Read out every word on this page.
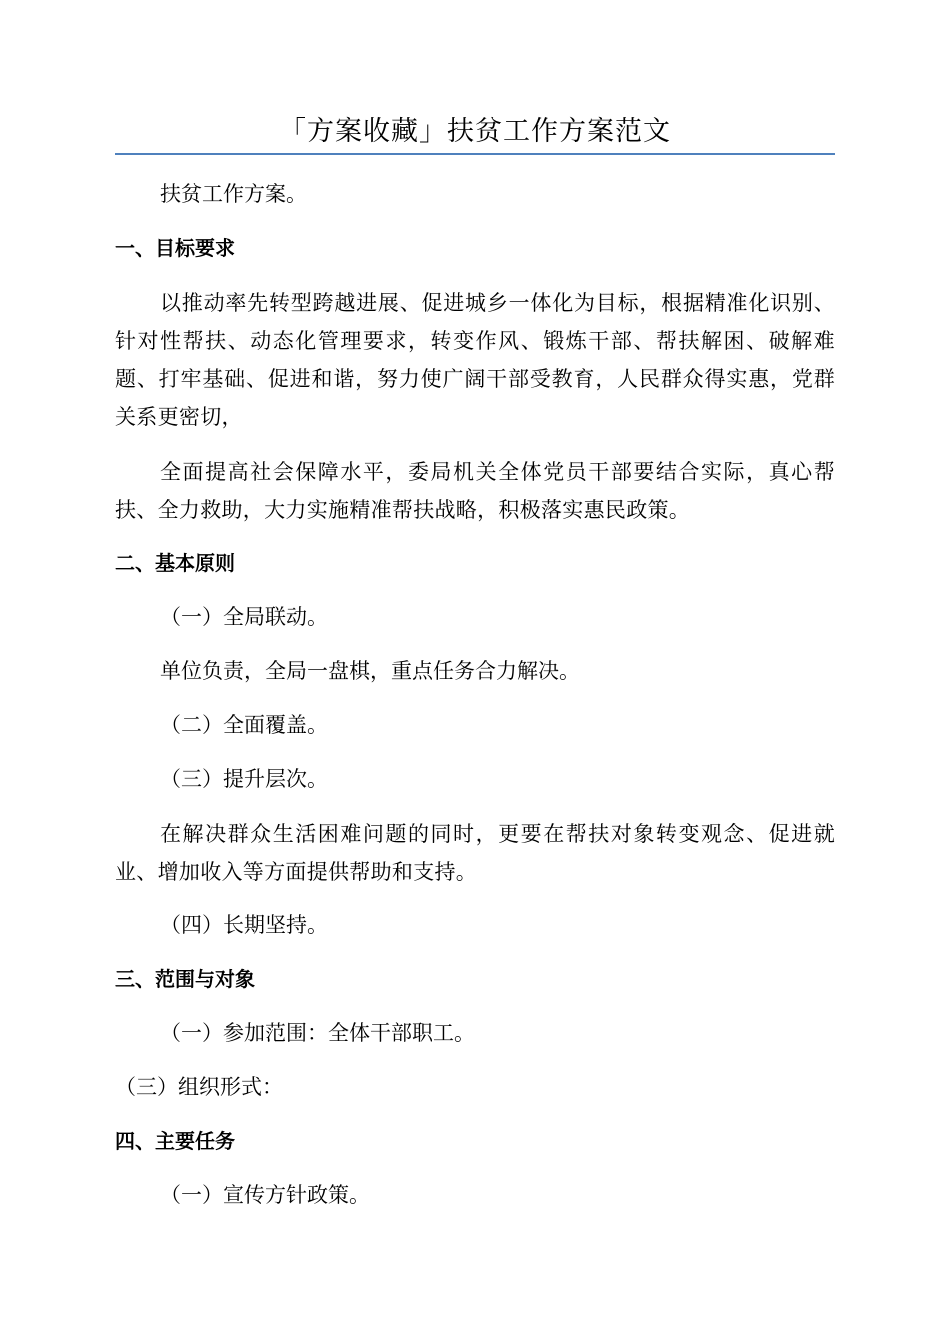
「方案收藏」扶贫工作方案范文
扶贫工作方案。
一、目标要求
以推动率先转型跨越进展、促进城乡一体化为目标，根据精准化识别、针对性帮扶、动态化管理要求，转变作风、锻炼干部、帮扶解困、破解难题、打牢基础、促进和谐，努力使广阔干部受教育，人民群众得实惠，党群关系更密切，
全面提高社会保障水平，委局机关全体党员干部要结合实际，真心帮扶、全力救助，大力实施精准帮扶战略，积极落实惠民政策。
二、基本原则
（一）全局联动。
单位负责，全局一盘棋，重点任务合力解决。
（二）全面覆盖。
（三）提升层次。
在解决群众生活困难问题的同时，更要在帮扶对象转变观念、促进就业、增加收入等方面提供帮助和支持。
（四）长期坚持。
三、范围与对象
（一）参加范围：全体干部职工。
（三）组织形式：
四、主要任务
（一）宣传方针政策。
